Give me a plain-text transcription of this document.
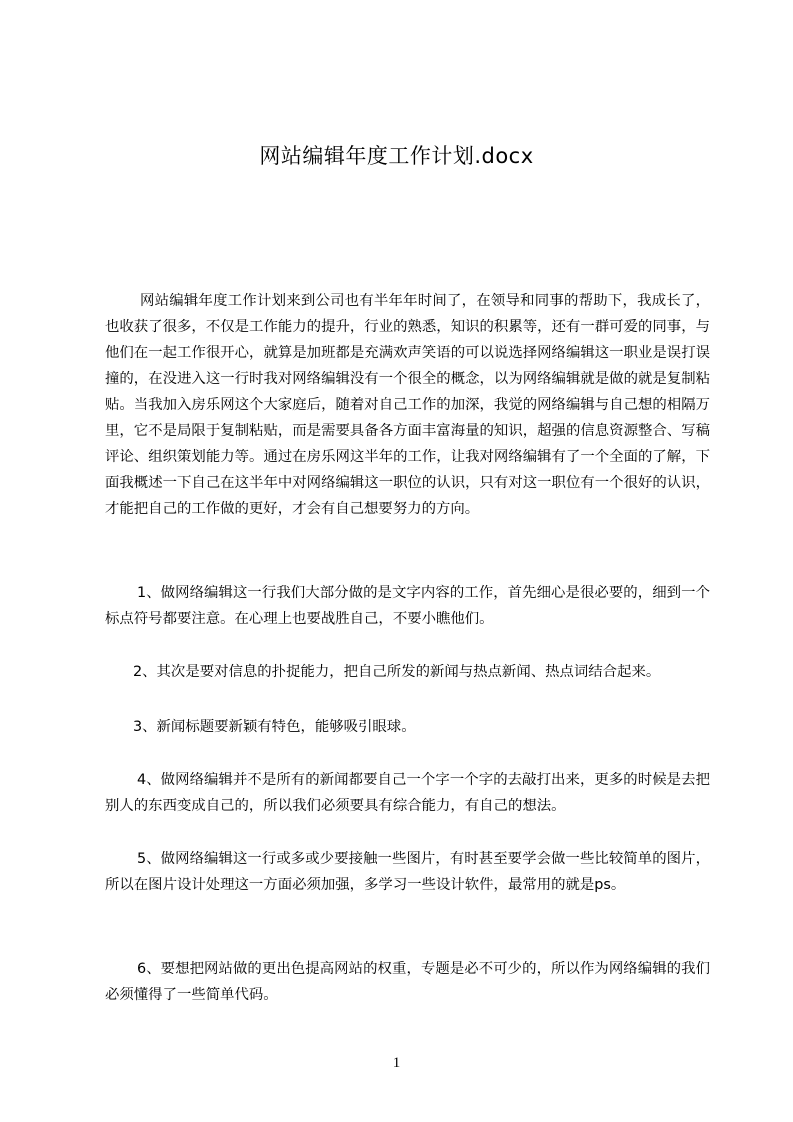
网站编辑年度工作计划.docx
网站编辑年度工作计划来到公司也有半年年时间了，在领导和同事的帮助下，我成长了，也收获了很多，不仅是工作能力的提升，行业的熟悉，知识的积累等，还有一群可爱的同事，与他们在一起工作很开心，就算是加班都是充满欢声笑语的可以说选择网络编辑这一职业是误打误撞的，在没进入这一行时我对网络编辑没有一个很全的概念，以为网络编辑就是做的就是复制粘贴。当我加入房乐网这个大家庭后，随着对自己工作的加深，我觉的网络编辑与自己想的相隔万里，它不是局限于复制粘贴，而是需要具备各方面丰富海量的知识，超强的信息资源整合、写稿评论、组织策划能力等。通过在房乐网这半年的工作，让我对网络编辑有了一个全面的了解，下面我概述一下自己在这半年中对网络编辑这一职位的认识，只有对这一职位有一个很好的认识，才能把自己的工作做的更好，才会有自己想要努力的方向。
1、做网络编辑这一行我们大部分做的是文字内容的工作，首先细心是很必要的，细到一个标点符号都要注意。在心理上也要战胜自己，不要小瞧他们。
2、其次是要对信息的扑捉能力，把自己所发的新闻与热点新闻、热点词结合起来。
3、新闻标题要新颖有特色，能够吸引眼球。
4、做网络编辑并不是所有的新闻都要自己一个字一个字的去敲打出来，更多的时候是去把别人的东西变成自己的，所以我们必须要具有综合能力，有自己的想法。
5、做网络编辑这一行或多或少要接触一些图片，有时甚至要学会做一些比较简单的图片，所以在图片设计处理这一方面必须加强，多学习一些设计软件，最常用的就是ps。
6、要想把网站做的更出色提高网站的权重，专题是必不可少的，所以作为网络编辑的我们必须懂得了一些简单代码。
1
